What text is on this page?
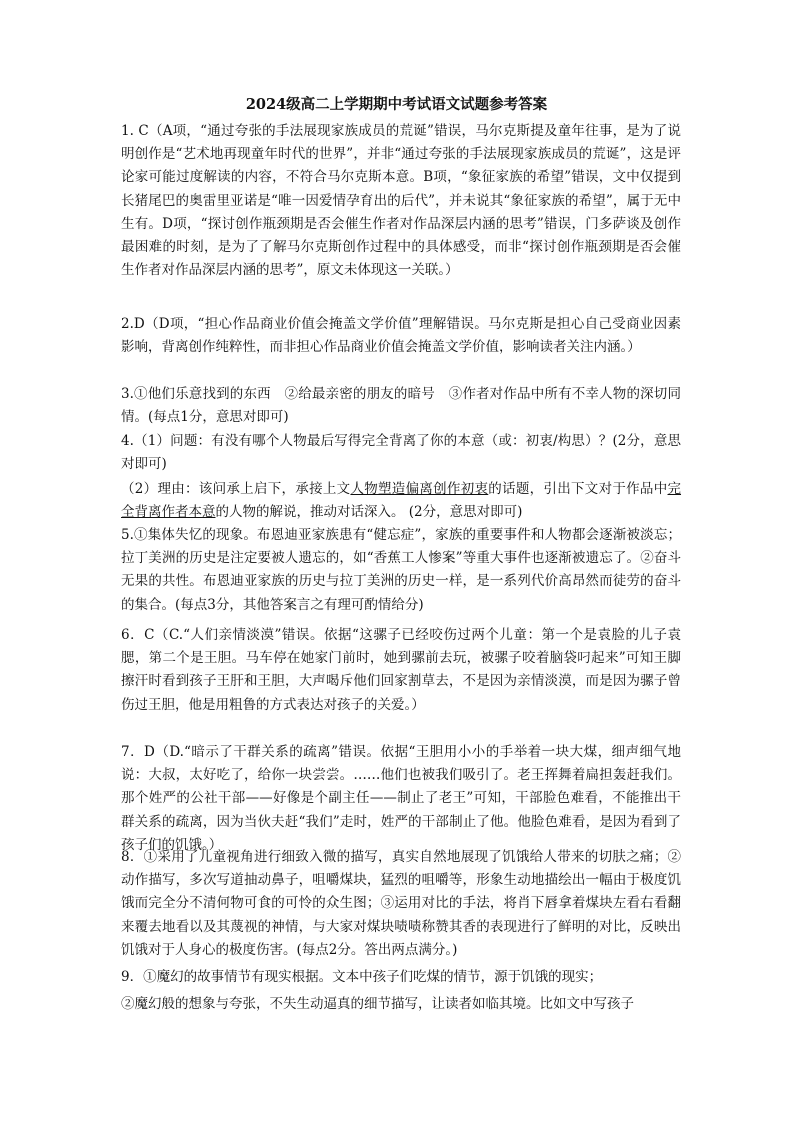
2024级高二上学期期中考试语文试题参考答案
1. C（A项，“通过夸张的手法展现家族成员的荒诞”错误，马尔克斯提及童年往事，是为了说明创作是“艺术地再现童年时代的世界”，并非“通过夸张的手法展现家族成员的荒诞”，这是评论家可能过度解读的内容，不符合马尔克斯本意。B项，“象征家族的希望”错误，文中仅提到长猪尾巴的奥雷里亚诺是“唯一因爱情孕育出的后代”，并未说其“象征家族的希望”，属于无中生有。D项，“探讨创作瓶颈期是否会催生作者对作品深层内涵的思考”错误，门多萨谈及创作最困难的时刻，是为了了解马尔克斯创作过程中的具体感受，而非“探讨创作瓶颈期是否会催生作者对作品深层内涵的思考”，原文未体现这一关联。）
2.D（D项，“担心作品商业价值会掩盖文学价值”理解错误。马尔克斯是担心自己受商业因素影响，背离创作纯粹性，而非担心作品商业价值会掩盖文学价值，影响读者关注内涵。）
3.①他们乐意找到的东西　②给最亲密的朋友的暗号　③作者对作品中所有不幸人物的深切同情。(每点1分，意思对即可)
4.（1）问题：有没有哪个人物最后写得完全背离了你的本意（或：初衷/构思）？(2分，意思对即可)
（2）理由：该问承上启下，承接上文人物塑造偏离创作初衷的话题，引出下文对于作品中完全背离作者本意的人物的解说，推动对话深入。 (2分，意思对即可)
5.①集体失忆的现象。布恩迪亚家族患有“健忘症”，家族的重要事件和人物都会逐渐被淡忘；拉丁美洲的历史是注定要被人遗忘的，如“香蕉工人惨案”等重大事件也逐渐被遗忘了。②奋斗无果的共性。布恩迪亚家族的历史与拉丁美洲的历史一样，是一系列代价高昂然而徒劳的奋斗的集合。(每点3分，其他答案言之有理可酌情给分)
6．C（C.“人们亲情淡漠”错误。依据“这骡子已经咬伤过两个儿童：第一个是袁脸的儿子袁腮，第二个是王胆。马车停在她家门前时，她到骡前去玩，被骡子咬着脑袋叼起来”可知王脚擦汗时看到孩子王肝和王胆，大声喝斥他们回家割草去，不是因为亲情淡漠，而是因为骡子曾伤过王胆，他是用粗鲁的方式表达对孩子的关爱。）
7．D（D.“暗示了干群关系的疏离”错误。依据“王胆用小小的手举着一块大煤，细声细气地说：大叔，太好吃了，给你一块尝尝。……他们也被我们吸引了。老王挥舞着扁担轰赶我们。那个姓严的公社干部——好像是个副主任——制止了老王”可知，干部脸色难看，不能推出干群关系的疏离，因为当伙夫赶“我们”走时，姓严的干部制止了他。他脸色难看，是因为看到了孩子们的饥饿。）
8．①采用了儿童视角进行细致入微的描写，真实自然地展现了饥饿给人带来的切肤之痛；②动作描写，多次写道抽动鼻子，咀嚼煤块，猛烈的咀嚼等，形象生动地描绘出一幅由于极度饥饿而完全分不清何物可食的可怜的众生图；③运用对比的手法，将肖下唇拿着煤块左看右看翻来覆去地看以及其蔑视的神情，与大家对煤块啧啧称赞其香的表现进行了鲜明的对比，反映出饥饿对于人身心的极度伤害。(每点2分。答出两点满分。)
9．①魔幻的故事情节有现实根据。文本中孩子们吃煤的情节，源于饥饿的现实；
②魔幻般的想象与夸张，不失生动逼真的细节描写，让读者如临其境。比如文中写孩子
